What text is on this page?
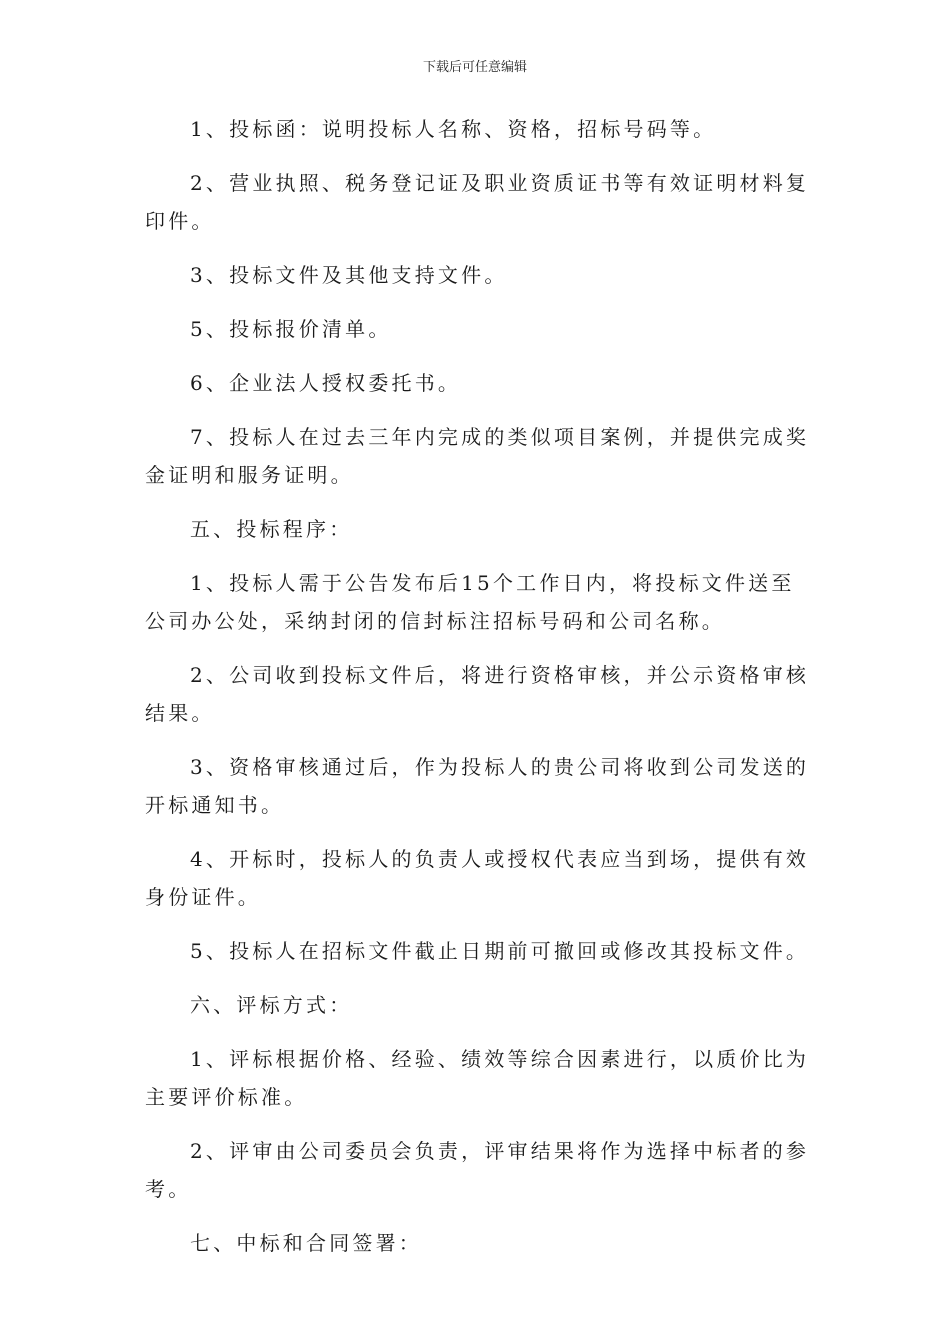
下载后可任意编辑

1、投标函：说明投标人名称、资格，招标号码等。

2、营业执照、税务登记证及职业资质证书等有效证明材料复印件。

3、投标文件及其他支持文件。

5、投标报价清单。

6、企业法人授权委托书。

7、投标人在过去三年内完成的类似项目案例，并提供完成奖金证明和服务证明。

五、投标程序：

1、投标人需于公告发布后15个工作日内，将投标文件送至公司办公处，采纳封闭的信封标注招标号码和公司名称。

2、公司收到投标文件后，将进行资格审核，并公示资格审核结果。

3、资格审核通过后，作为投标人的贵公司将收到公司发送的开标通知书。

4、开标时，投标人的负责人或授权代表应当到场，提供有效身份证件。

5、投标人在招标文件截止日期前可撤回或修改其投标文件。

六、评标方式：

1、评标根据价格、经验、绩效等综合因素进行，以质价比为主要评价标准。

2、评审由公司委员会负责，评审结果将作为选择中标者的参考。

七、中标和合同签署：
